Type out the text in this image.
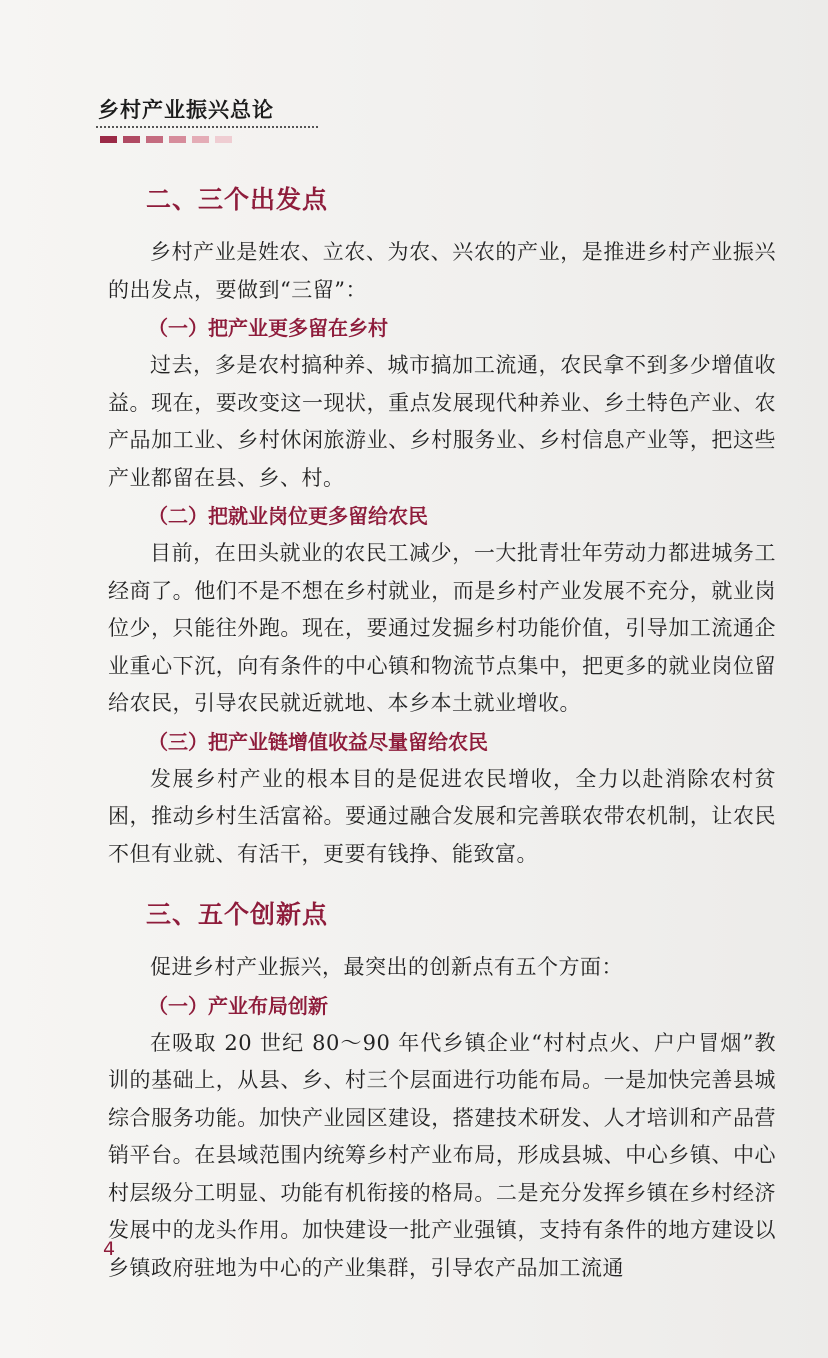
乡村产业振兴总论
二、三个出发点

乡村产业是姓农、立农、为农、兴农的产业，是推进乡村产业振兴的出发点，要做到“三留”：

（一）把产业更多留在乡村

过去，多是农村搞种养、城市搞加工流通，农民拿不到多少增值收益。现在，要改变这一现状，重点发展现代种养业、乡土特色产业、农产品加工业、乡村休闲旅游业、乡村服务业、乡村信息产业等，把这些产业都留在县、乡、村。

（二）把就业岗位更多留给农民

目前，在田头就业的农民工减少，一大批青壮年劳动力都进城务工经商了。他们不是不想在乡村就业，而是乡村产业发展不充分，就业岗位少，只能往外跑。现在，要通过发掘乡村功能价值，引导加工流通企业重心下沉，向有条件的中心镇和物流节点集中，把更多的就业岗位留给农民，引导农民就近就地、本乡本土就业增收。

（三）把产业链增值收益尽量留给农民

发展乡村产业的根本目的是促进农民增收，全力以赴消除农村贫困，推动乡村生活富裕。要通过融合发展和完善联农带农机制，让农民不但有业就、有活干，更要有钱挣、能致富。

三、五个创新点

促进乡村产业振兴，最突出的创新点有五个方面：

（一）产业布局创新

在吸取 20 世纪 80～90 年代乡镇企业“村村点火、户户冒烟”教训的基础上，从县、乡、村三个层面进行功能布局。一是加快完善县城综合服务功能。加快产业园区建设，搭建技术研发、人才培训和产品营销平台。在县域范围内统筹乡村产业布局，形成县城、中心乡镇、中心村层级分工明显、功能有机衔接的格局。二是充分发挥乡镇在乡村经济发展中的龙头作用。加快建设一批产业强镇，支持有条件的地方建设以乡镇政府驻地为中心的产业集群，引导农产品加工流通

4
